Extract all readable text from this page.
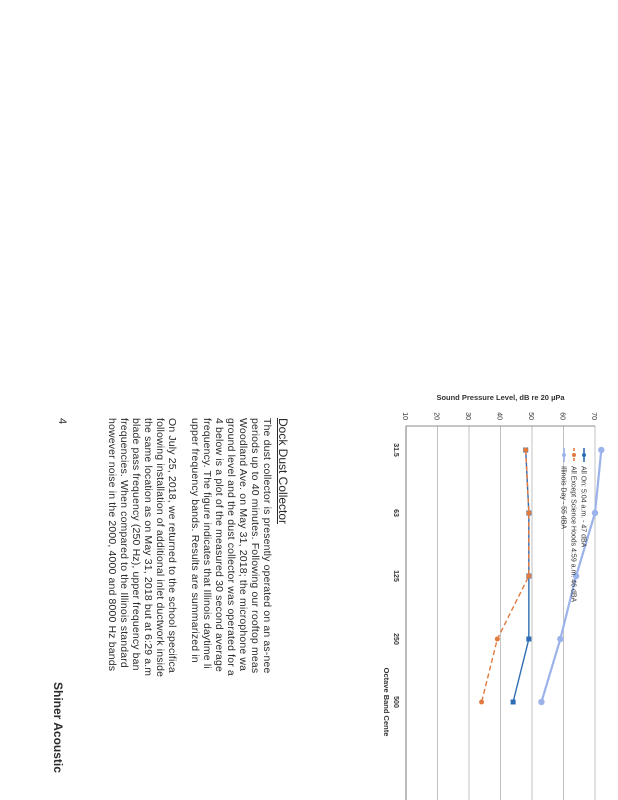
10	20	30	40	50	60	70
Sound Pressure Level, dB re 20 µPa
31.5
63
125
250
500
Octave Band Cente
All On: 5:04 a.m. - 47 dBA
All Except Science Hoods 4:59 a.m. 46 dBA
Illinois Day - 55 dBA
Dock Dust Collector
The dust collector is presently operated on an as-nee
periods up to 40 minutes. Following our rooftop meas
Woodland Ave. on May 31, 2018; the microphone wa
ground level and the dust collector was operated for a
4 below is a plot of the measured 30 second average
frequency. The figure indicates that Illinois daytime li
upper frequency bands. Results are summarized in
On July 25, 2018, we returned to the school specifica
following installation of additional inlet ductwork inside
the same location as on May 31, 2018 but at 6:29 a.m
blade pass frequency (250 Hz), upper frequency ban
frequencies. When compared to the Illinois standard
however noise in the 2000, 4000 and 8000 Hz bands
4
Shiner Acoustic
